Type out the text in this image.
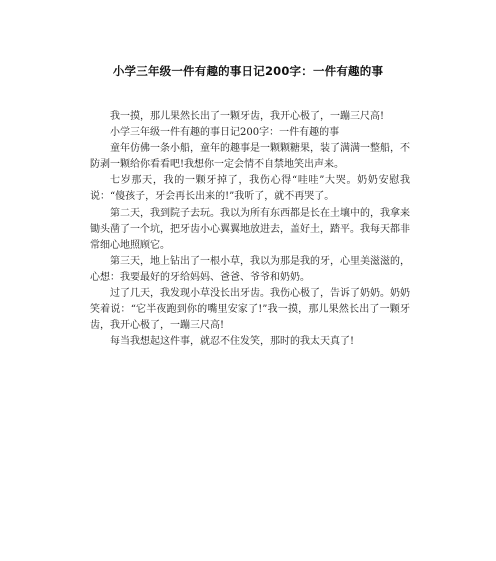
小学三年级一件有趣的事日记200字：一件有趣的事

我一摸，那儿果然长出了一颗牙齿，我开心极了，一蹦三尺高!

小学三年级一件有趣的事日记200字：一件有趣的事

童年仿佛一条小船，童年的趣事是一颗颗糖果，装了满满一整船，不防剥一颗给你看看吧!我想你一定会情不自禁地笑出声来。

七岁那天，我的一颗牙掉了，我伤心得“哇哇”大哭。奶奶安慰我说：“傻孩子，牙会再长出来的!”我听了，就不再哭了。

第二天，我到院子去玩。我以为所有东西都是长在土壤中的，我拿来锄头凿了一个坑，把牙齿小心翼翼地放进去，盖好土，踏平。我每天都非常细心地照顾它。

第三天，地上钻出了一根小草，我以为那是我的牙，心里美滋滋的，心想：我要最好的牙给妈妈、爸爸、爷爷和奶奶。

过了几天，我发现小草没长出牙齿。我伤心极了，告诉了奶奶。奶奶笑着说：“它半夜跑到你的嘴里安家了!”我一摸，那儿果然长出了一颗牙齿，我开心极了，一蹦三尺高!

每当我想起这件事，就忍不住发笑，那时的我太天真了!
